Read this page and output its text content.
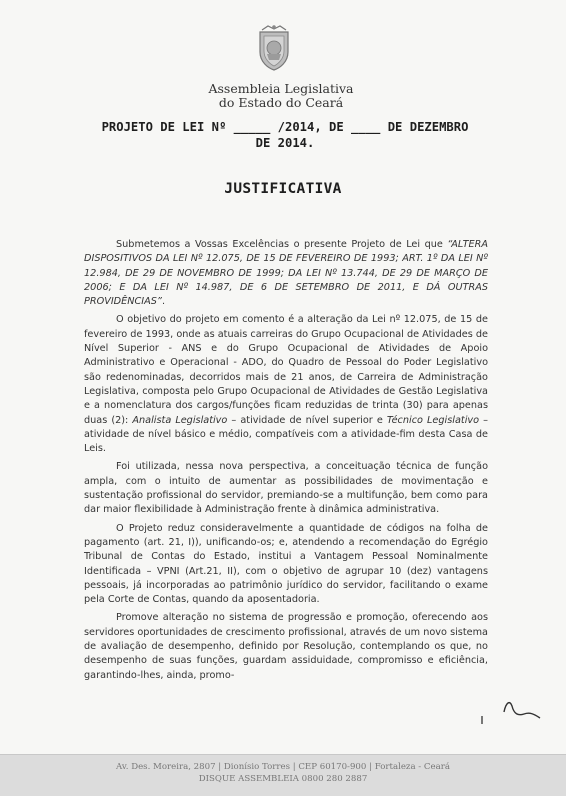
Assembleia Legislativa
do Estado do Ceará
PROJETO DE LEI Nº _____ /2014, DE ____ DE DEZEMBRO
DE 2014.
JUSTIFICATIVA

Submetemos a Vossas Excelências o presente Projeto de Lei que “ALTERA DISPOSITIVOS DA LEI Nº 12.075, DE 15 DE FEVEREIRO DE 1993; ART. 1º DA LEI Nº 12.984, DE 29 DE NOVEMBRO DE 1999; DA LEI Nº 13.744, DE 29 DE MARÇO DE 2006; E DA LEI Nº 14.987, DE 6 DE SETEMBRO DE 2011, E DÁ OUTRAS PROVIDÊNCIAS”.

O objetivo do projeto em comento é a alteração da Lei nº 12.075, de 15 de fevereiro de 1993, onde as atuais carreiras do Grupo Ocupacional de Atividades de Nível Superior - ANS e do Grupo Ocupacional de Atividades de Apoio Administrativo e Operacional - ADO, do Quadro de Pessoal do Poder Legislativo são redenominadas, decorridos mais de 21 anos, de Carreira de Administração Legislativa, composta pelo Grupo Ocupacional de Atividades de Gestão Legislativa e a nomenclatura dos cargos/funções ficam reduzidas de trinta (30) para apenas duas (2): Analista Legislativo – atividade de nível superior e Técnico Legislativo – atividade de nível básico e médio, compatíveis com a atividade-fim desta Casa de Leis.

Foi utilizada, nessa nova perspectiva, a conceituação técnica de função ampla, com o intuito de aumentar as possibilidades de movimentação e sustentação profissional do servidor, premiando-se a multifunção, bem como para dar maior flexibilidade à Administração frente à dinâmica administrativa.

O Projeto reduz consideravelmente a quantidade de códigos na folha de pagamento (art. 21, I)), unificando-os; e, atendendo a recomendação do Egrégio Tribunal de Contas do Estado, institui a Vantagem Pessoal Nominalmente Identificada – VPNI (Art.21, II), com o objetivo de agrupar 10 (dez) vantagens pessoais, já incorporadas ao patrimônio jurídico do servidor, facilitando o exame pela Corte de Contas, quando da aposentadoria.

Promove alteração no sistema de progressão e promoção, oferecendo aos servidores oportunidades de crescimento profissional, através de um novo sistema de avaliação de desempenho, definido por Resolução, contemplando os que, no desempenho de suas funções, guardam assiduidade, compromisso e eficiência, garantindo-lhes, ainda, promo-

Av. Des. Moreira, 2807 | Dionísio Torres | CEP 60170-900 | Fortaleza - Ceará
DISQUE ASSEMBLEIA 0800 280 2887
